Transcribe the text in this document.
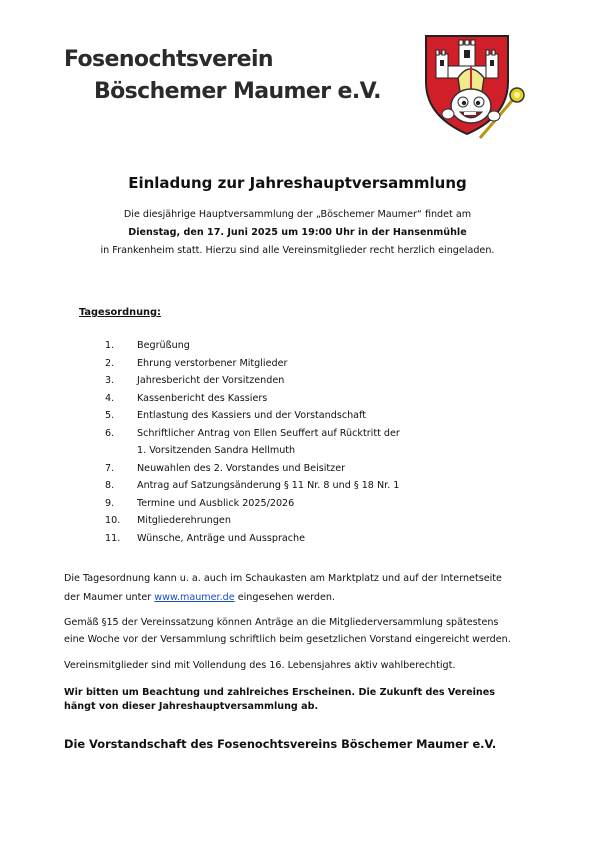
Fosenochtsverein
Böschemer Maumer e.V.
Einladung zur Jahreshauptversammlung
Die diesjährige Hauptversammlung der „Böschemer Maumer“ findet am
Dienstag, den 17. Juni 2025 um 19:00 Uhr in der Hansenmühle
in Frankenheim statt. Hierzu sind alle Vereinsmitglieder recht herzlich eingeladen.
Tagesordnung:
1. Begrüßung
2. Ehrung verstorbener Mitglieder
3. Jahresbericht der Vorsitzenden
4. Kassenbericht des Kassiers
5. Entlastung des Kassiers und der Vorstandschaft
6. Schriftlicher Antrag von Ellen Seuffert auf Rücktritt der
1. Vorsitzenden Sandra Hellmuth
7. Neuwahlen des 2. Vorstandes und Beisitzer
8. Antrag auf Satzungsänderung § 11 Nr. 8 und § 18 Nr. 1
9. Termine und Ausblick 2025/2026
10. Mitgliederehrungen
11. Wünsche, Anträge und Aussprache
Die Tagesordnung kann u. a. auch im Schaukasten am Marktplatz und auf der Internetseite
der Maumer unter www.maumer.de eingesehen werden.
Gemäß §15 der Vereinssatzung können Anträge an die Mitgliederversammlung spätestens
eine Woche vor der Versammlung schriftlich beim gesetzlichen Vorstand eingereicht werden.
Vereinsmitglieder sind mit Vollendung des 16. Lebensjahres aktiv wahlberechtigt.
Wir bitten um Beachtung und zahlreiches Erscheinen. Die Zukunft des Vereines
hängt von dieser Jahreshauptversammlung ab.
Die Vorstandschaft des Fosenochtsvereins Böschemer Maumer e.V.
